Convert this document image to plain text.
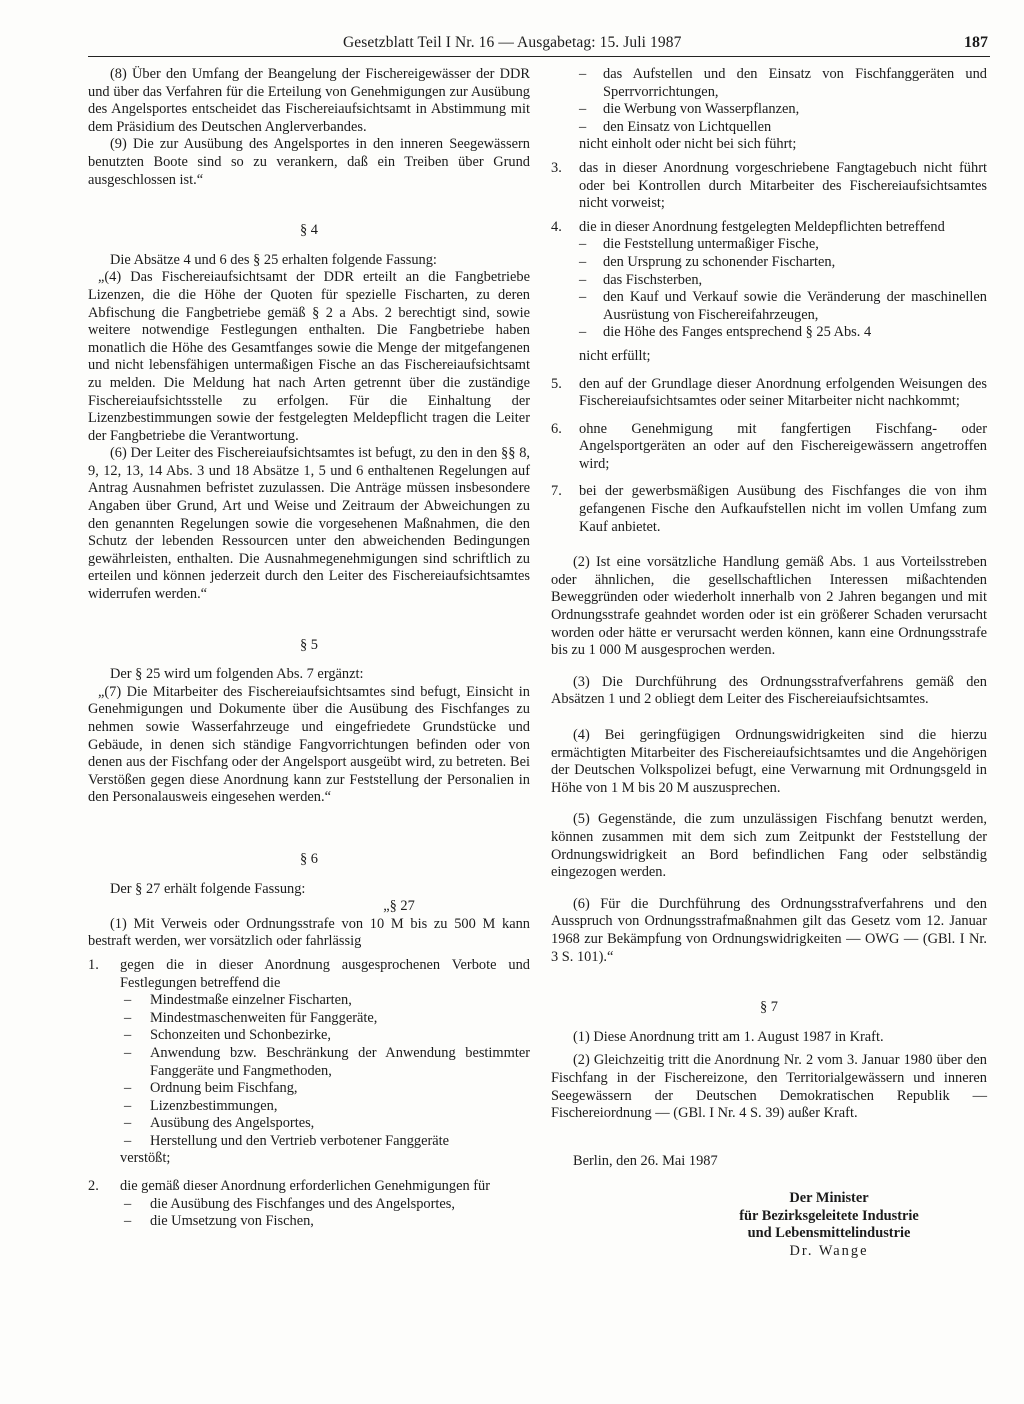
Gesetzblatt Teil I Nr. 16 — Ausgabetag: 15. Juli 1987	187

(8) Über den Umfang der Beangelung der Fischereigewässer der DDR und über das Verfahren für die Erteilung von Genehmigungen zur Ausübung des Angelsportes entscheidet das Fischereiaufsichtsamt in Abstimmung mit dem Präsidium des Deutschen Anglerverbandes.

(9) Die zur Ausübung des Angelsportes in den inneren Seegewässern benutzten Boote sind so zu verankern, daß ein Treiben über Grund ausgeschlossen ist.“

§ 4

Die Absätze 4 und 6 des § 25 erhalten folgende Fassung:

„(4) Das Fischereiaufsichtsamt der DDR erteilt an die Fangbetriebe Lizenzen, die die Höhe der Quoten für spezielle Fischarten, zu deren Abfischung die Fangbetriebe gemäß § 2 a Abs. 2 berechtigt sind, sowie weitere notwendige Festlegungen enthalten. Die Fangbetriebe haben monatlich die Höhe des Gesamtfanges sowie die Menge der mitgefangenen und nicht lebensfähigen untermaßigen Fische an das Fischereiaufsichtsamt zu melden. Die Meldung hat nach Arten getrennt über die zuständige Fischereiaufsichtsstelle zu erfolgen. Für die Einhaltung der Lizenzbestimmungen sowie der festgelegten Meldepflicht tragen die Leiter der Fangbetriebe die Verantwortung.

(6) Der Leiter des Fischereiaufsichtsamtes ist befugt, zu den in den §§ 8, 9, 12, 13, 14 Abs. 3 und 18 Absätze 1, 5 und 6 enthaltenen Regelungen auf Antrag Ausnahmen befristet zuzulassen. Die Anträge müssen insbesondere Angaben über Grund, Art und Weise und Zeitraum der Abweichungen zu den genannten Regelungen sowie die vorgesehenen Maßnahmen, die den Schutz der lebenden Ressourcen unter den abweichenden Bedingungen gewährleisten, enthalten. Die Ausnahmegenehmigungen sind schriftlich zu erteilen und können jederzeit durch den Leiter des Fischereiaufsichtsamtes widerrufen werden.“

§ 5

Der § 25 wird um folgenden Abs. 7 ergänzt:

„(7) Die Mitarbeiter des Fischereiaufsichtsamtes sind befugt, Einsicht in Genehmigungen und Dokumente über die Ausübung des Fischfanges zu nehmen sowie Wasserfahrzeuge und eingefriedete Grundstücke und Gebäude, in denen sich ständige Fangvorrichtungen befinden oder von denen aus der Fischfang oder der Angelsport ausgeübt wird, zu betreten. Bei Verstößen gegen diese Anordnung kann zur Feststellung der Personalien in den Personalausweis eingesehen werden.“

§ 6

Der § 27 erhält folgende Fassung:

„§ 27

(1) Mit Verweis oder Ordnungsstrafe von 10 M bis zu 500 M kann bestraft werden, wer vorsätzlich oder fahrlässig

1. gegen die in dieser Anordnung ausgesprochenen Verbote und Festlegungen betreffend die
– Mindestmaße einzelner Fischarten,
– Mindestmaschenweiten für Fanggeräte,
– Schonzeiten und Schonbezirke,
– Anwendung bzw. Beschränkung der Anwendung bestimmter Fanggeräte und Fangmethoden,
– Ordnung beim Fischfang,
– Lizenzbestimmungen,
– Ausübung des Angelsportes,
– Herstellung und den Vertrieb verbotener Fanggeräte

verstößt;

2. die gemäß dieser Anordnung erforderlichen Genehmigungen für
– die Ausübung des Fischfanges und des Angelsportes,
– die Umsetzung von Fischen,
– das Aufstellen und den Einsatz von Fischfanggeräten und Sperrvorrichtungen,
– die Werbung von Wasserpflanzen,
– den Einsatz von Lichtquellen

nicht einholt oder nicht bei sich führt;

3. das in dieser Anordnung vorgeschriebene Fangtagebuch nicht führt oder bei Kontrollen durch Mitarbeiter des Fischereiaufsichtsamtes nicht vorweist;
4. die in dieser Anordnung festgelegten Meldepflichten betreffend
– die Feststellung untermaßiger Fische,
– den Ursprung zu schonender Fischarten,
– das Fischsterben,
– den Kauf und Verkauf sowie die Veränderung der maschinellen Ausrüstung von Fischereifahrzeugen,
– die Höhe des Fanges entsprechend § 25 Abs. 4

nicht erfüllt;

5. den auf der Grundlage dieser Anordnung erfolgenden Weisungen des Fischereiaufsichtsamtes oder seiner Mitarbeiter nicht nachkommt;
6. ohne Genehmigung mit fangfertigen Fischfang- oder Angelsportgeräten an oder auf den Fischereigewässern angetroffen wird;
7. bei der gewerbsmäßigen Ausübung des Fischfanges die von ihm gefangenen Fische den Aufkaufstellen nicht im vollen Umfang zum Kauf anbietet.

(2) Ist eine vorsätzliche Handlung gemäß Abs. 1 aus Vorteilsstreben oder ähnlichen, die gesellschaftlichen Interessen mißachtenden Beweggründen oder wiederholt innerhalb von 2 Jahren begangen und mit Ordnungsstrafe geahndet worden oder ist ein größerer Schaden verursacht worden oder hätte er verursacht werden können, kann eine Ordnungsstrafe bis zu 1 000 M ausgesprochen werden.

(3) Die Durchführung des Ordnungsstrafverfahrens gemäß den Absätzen 1 und 2 obliegt dem Leiter des Fischereiaufsichtsamtes.

(4) Bei geringfügigen Ordnungswidrigkeiten sind die hierzu ermächtigten Mitarbeiter des Fischereiaufsichtsamtes und die Angehörigen der Deutschen Volkspolizei befugt, eine Verwarnung mit Ordnungsgeld in Höhe von 1 M bis 20 M auszusprechen.

(5) Gegenstände, die zum unzulässigen Fischfang benutzt werden, können zusammen mit dem sich zum Zeitpunkt der Feststellung der Ordnungswidrigkeit an Bord befindlichen Fang oder selbständig eingezogen werden.

(6) Für die Durchführung des Ordnungsstrafverfahrens und den Ausspruch von Ordnungsstrafmaßnahmen gilt das Gesetz vom 12. Januar 1968 zur Bekämpfung von Ordnungswidrigkeiten — OWG — (GBl. I Nr. 3 S. 101).“

§ 7

(1) Diese Anordnung tritt am 1. August 1987 in Kraft.

(2) Gleichzeitig tritt die Anordnung Nr. 2 vom 3. Januar 1980 über den Fischfang in der Fischereizone, den Territorialgewässern und inneren Seegewässern der Deutschen Demokratischen Republik — Fischereiordnung — (GBl. I Nr. 4 S. 39) außer Kraft.

Berlin, den 26. Mai 1987

Der Minister

für Bezirksgeleitete Industrie

und Lebensmittelindustrie

Dr. Wange
